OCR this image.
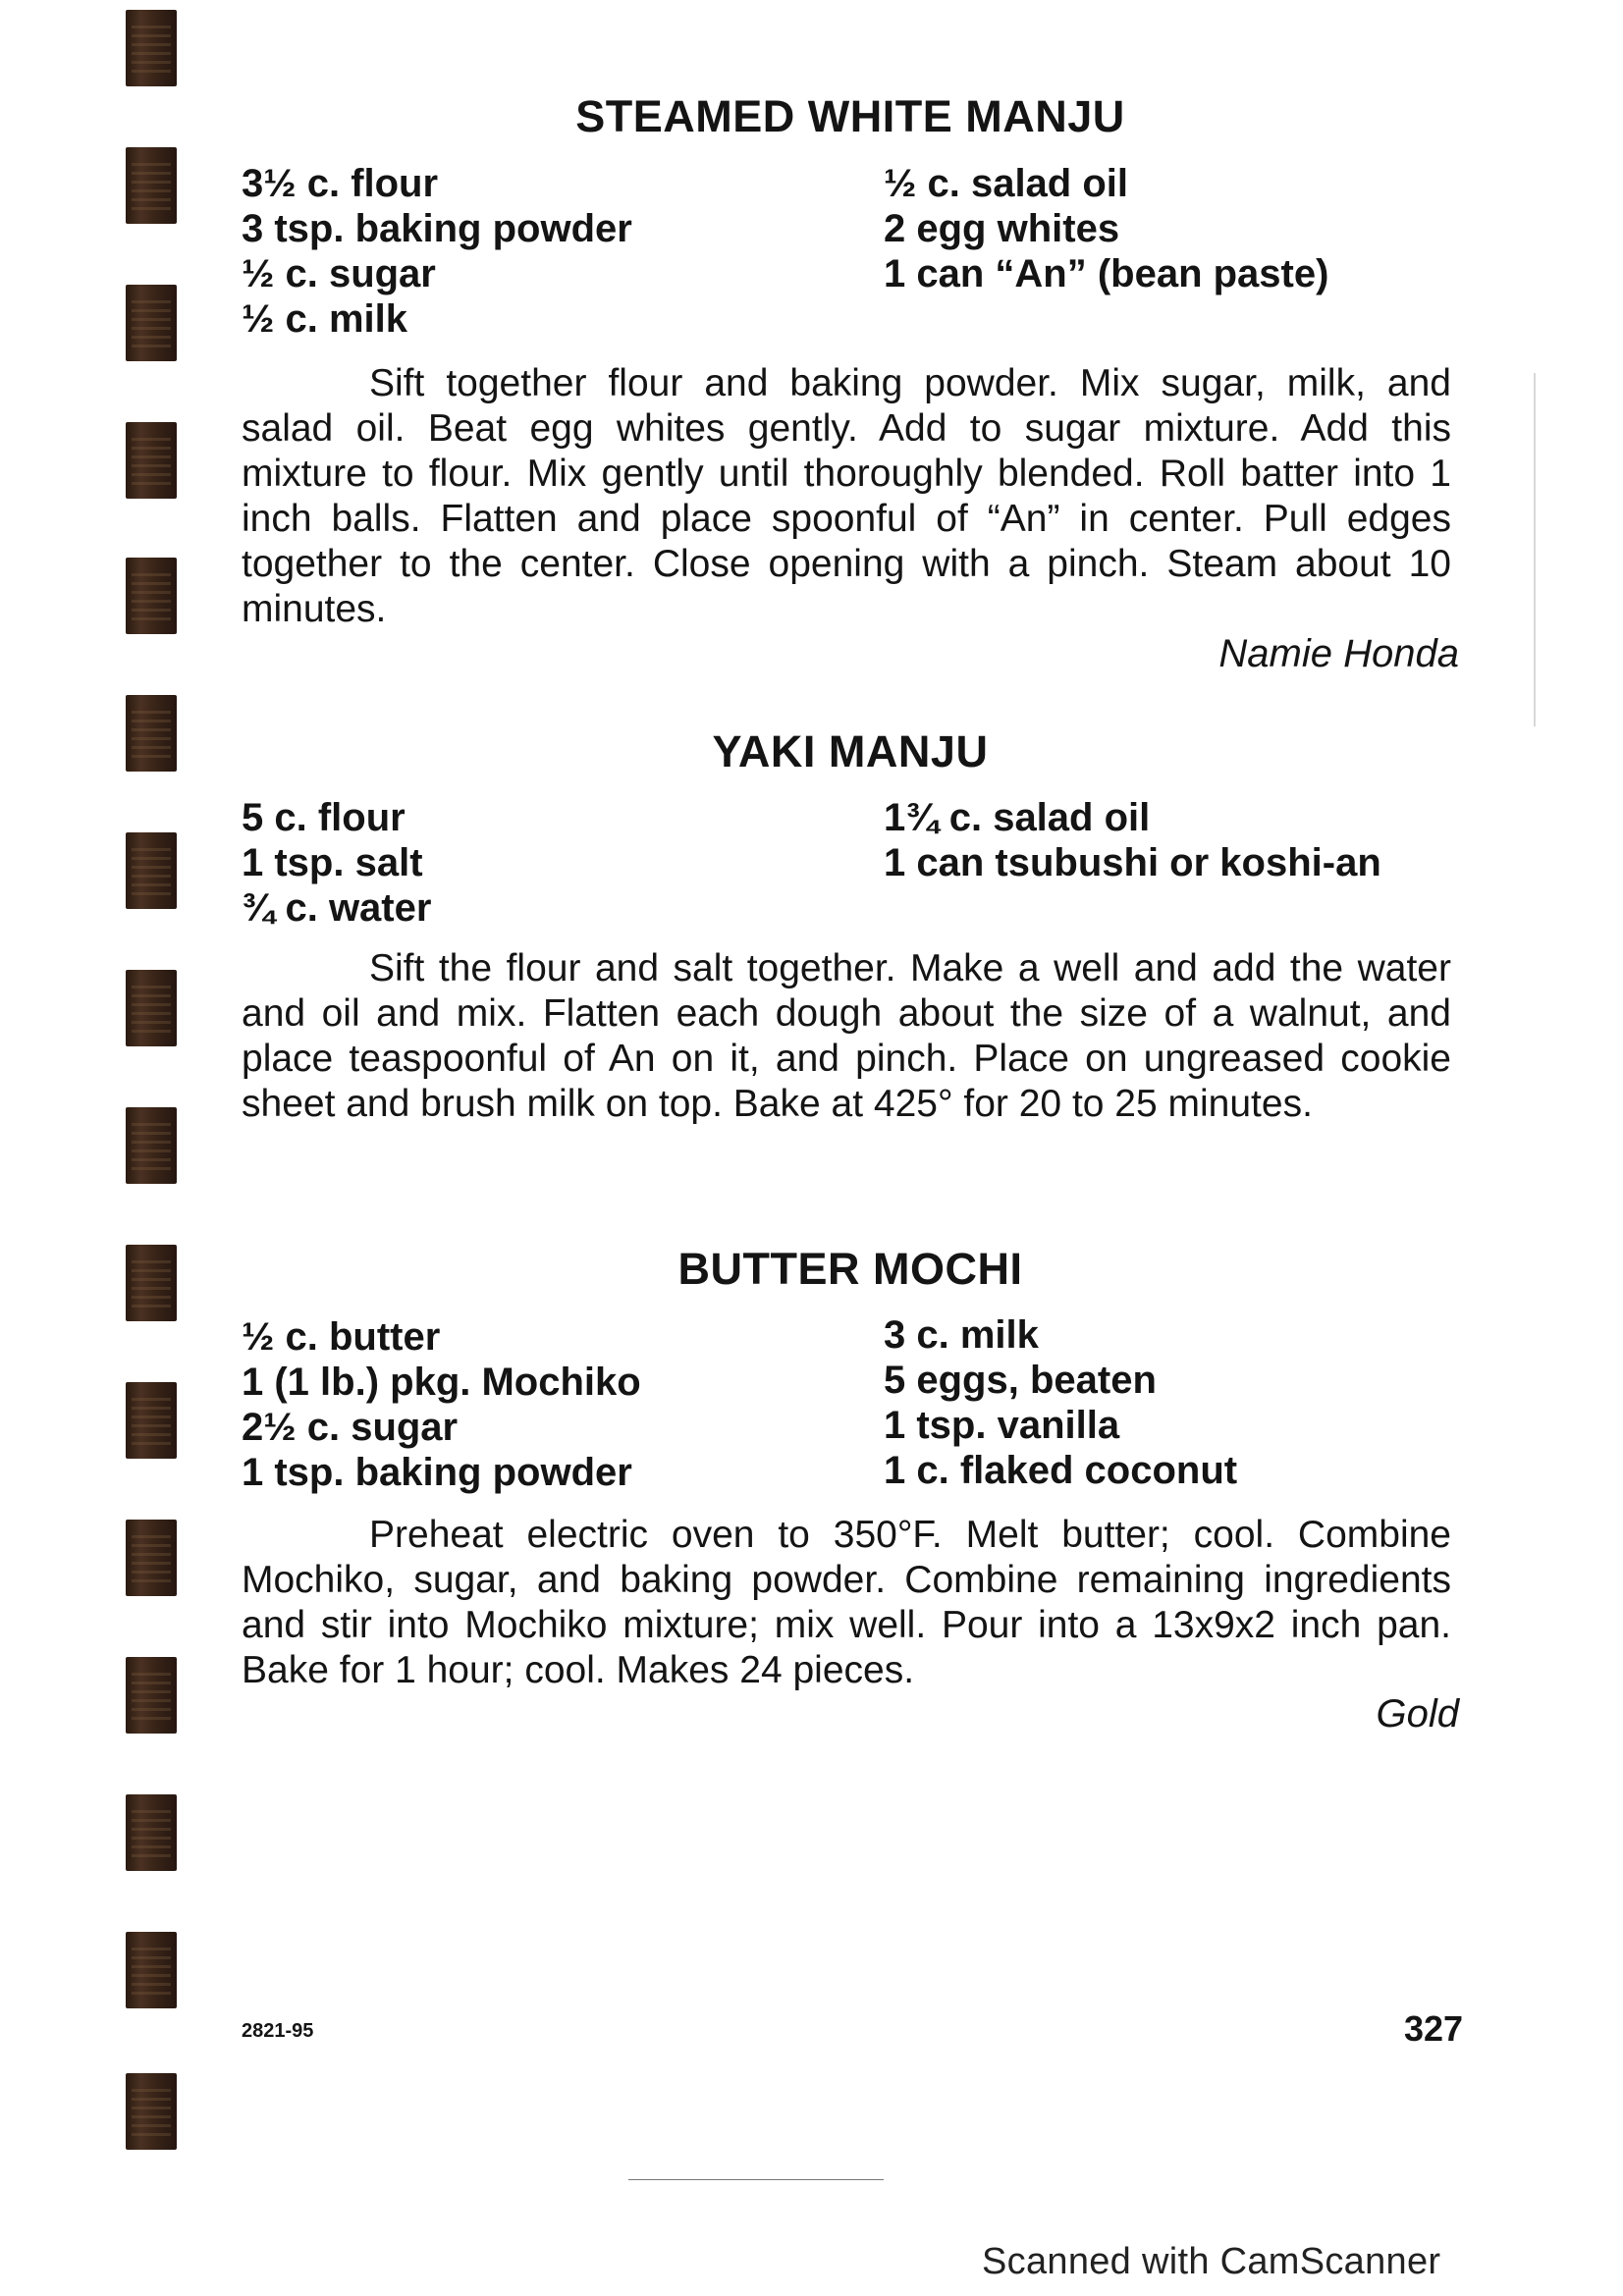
STEAMED WHITE MANJU
3½ c. flour
3 tsp. baking powder
½ c. sugar
½ c. milk
½ c. salad oil
2 egg whites
1 can “An” (bean paste)
Sift together flour and baking powder. Mix sugar, milk, and salad oil. Beat egg whites gently. Add to sugar mixture. Add this mixture to flour. Mix gently until thoroughly blended. Roll batter into 1 inch balls. Flatten and place spoonful of “An” in center. Pull edges together to the center. Close opening with a pinch. Steam about 10 minutes.
Namie Honda
YAKI MANJU
5 c. flour
1 tsp. salt
¾ c. water
1¾ c. salad oil
1 can tsubushi or koshi-an
Sift the flour and salt together. Make a well and add the water and oil and mix. Flatten each dough about the size of a walnut, and place teaspoonful of An on it, and pinch. Place on ungreased cookie sheet and brush milk on top. Bake at 425° for 20 to 25 minutes.
BUTTER MOCHI
½ c. butter
1 (1 lb.) pkg. Mochiko
2½ c. sugar
1 tsp. baking powder
3 c. milk
5 eggs, beaten
1 tsp. vanilla
1 c. flaked coconut
Preheat electric oven to 350°F. Melt butter; cool. Combine Mochiko, sugar, and baking powder. Combine remaining ingredients and stir into Mochiko mixture; mix well. Pour into a 13x9x2 inch pan. Bake for 1 hour; cool. Makes 24 pieces.
Gold
2821-95	327
Scanned with CamScanner
